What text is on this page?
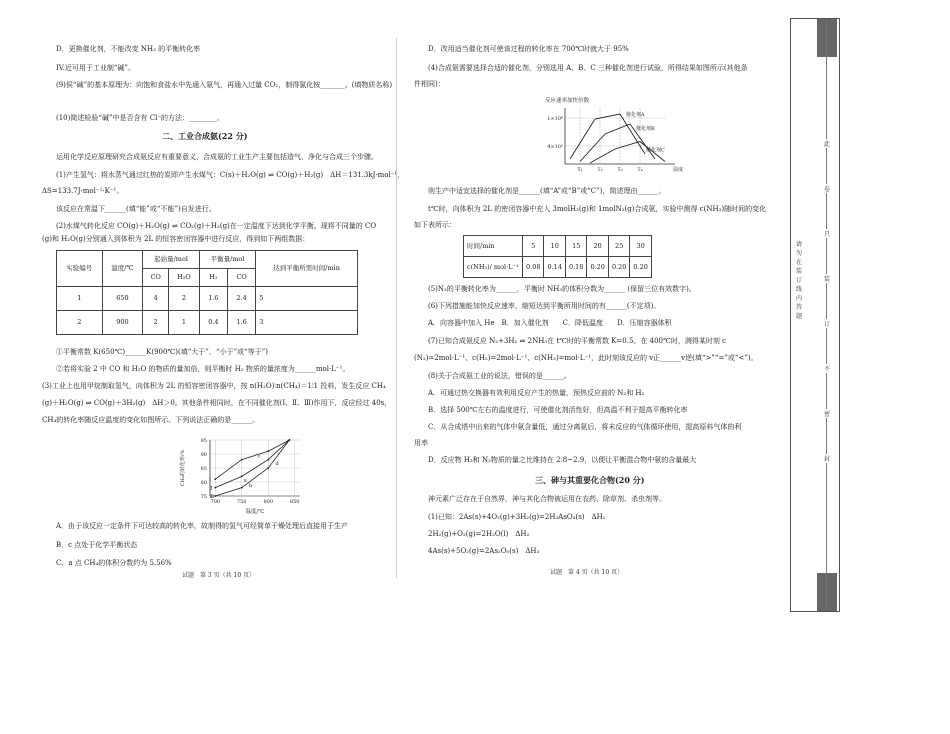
D．更换催化剂，不能改变 NH₃ 的平衡转化率
IV.近可用于工业制“碱”。
(9)侯“碱”的基本原理为：向饱和食盐水中先通入氨气，再通入过量 CO₂，制得氯化铵_______。(填物质名称)
(10)简述检验“碱”中是否含有 Cl⁻的方法：________。
二、工业合成氨(22 分)
运用化学反应原理研究合成氨反应有重要意义，合成氨的工业生产主要包括造气、净化与合成三个步骤。
(1)产生氢气：将水蒸气通过红热的炭即产生水煤气：C(s)＋H₂O(g) ⇌ CO(g)＋H₂(g)　ΔH＝131.3kJ·mol⁻¹，
ΔS=133.7J·mol⁻¹·K⁻¹。
该反应在常温下______(填“能”或“不能”)自发进行。
(2)水煤气转化反应 CO(g)＋H₂O(g) ⇌ CO₂(g)＋H₂(g)在一定温度下达到化学平衡。现将不同量的 CO
(g)和 H₂O(g)分别通入到体积为 2L 的恒容密闭容器中进行反应，得到如下两组数据：
实验编号	温度/℃	起始量/mol		平衡量/mol		达到平衡所需时间/min
		CO	H₂O	H₂	CO	
1	650	4	2	1.6	2.4	5
2	900	2	1	0.4	1.6	3
①平衡常数 K(650℃)______K(900℃)(填“大于”、“小于”或“等于”)
②若将实验 2 中 CO 和 H₂O 的物质的量加倍，则平衡时 H₂ 物质的量浓度为______mol·L⁻¹。
(3)工业上也用甲烷制取氢气，向体积为 2L 的恒容密闭容器中，按 n(H₂O)∶n(CH₄)＝1∶1 投料，发生反应 CH₄
(g)＋H₂O(g) ⇌ CO(g)＋3H₂(g)　ΔH＞0。其他条件相同时，在不同催化剂(Ⅰ、Ⅱ、Ⅲ)作用下，反应经过 40s，
CH₄的转化率随反应温度的变化如图所示。下列说法正确的是______。
75
80
85
90
95
700	750	800	850
温度/℃
CH₄的转化率/%	Ⅰ
Ⅱ
Ⅲ
a
b
c
d
A．由于该反应一定条件下可达较高的转化率，故制得的氢气可经简单干燥处理后直接用于生产
B．c 点处于化学平衡状态
C．a 点 CH₄的体积分数约为 5.56%
试题　第 3 页（共 10 页）
D．改用适当催化剂可使该过程的转化率在 700℃时就大于 95%
(4)合成氨需要选择合适的催化剂，分别选用 A、B、C 三种催化剂进行试验，所得结果如图所示(其他条
件相同)：
反应速率加快倍数
温度
1×10⁸
4×10⁵
T₁	T₂	T₃	T₄
催化剂A
催化剂B
催化剂C
则生产中适宜选择的催化剂是______(填“A”或“B”或“C”)，简述理由______。
t℃时，向体积为 2L 的密闭容器中充入 3molH₂(g)和 1molN₂(g)合成氨，实验中测得 c(NH₃)随时间的变化
如下表所示：
时间/min	5	10	15	20	25	30
c(NH₃)/ mol·L⁻¹	0.08	0.14	0.18	0.20	0.20	0.20
(5)N₂的平衡转化率为______，平衡时 NH₃的体积分数为______ (保留三位有效数字)。
(6)下列措施能加快反应速率，缩短达到平衡所用时间的有______(不定项)。
A．向容器中加入 He　B．加入催化剂　　C．降低温度　　D．压缩容器体积
(7)已知合成氨反应 N₂+3H₂ ⇌ 2NH₃在 t℃时的平衡常数 K=0.5。在 400℃时，测得某时刻 c
(N₂)=2mol·L⁻¹、c(H₂)=2mol·L⁻¹、c(NH₃)=mol·L⁻¹，此时刻该反应的 v正______v逆(填“>”“=”或“<”)。
(8)关于合成氨工业的说法，错误的是______。
A．可通过热交换器有效利用反应产生的热量，预热反应前的 N₂和 H₂
B．选择 500℃左右的温度进行，可使催化剂活性好，但高温不利于提高平衡转化率
C．从合成塔中出来的气体中氨含量低，通过分离氨后，将未反应的气体循环使用，提高原料气体的利
用率
D．反应物 H₂和 N₂物质的量之比维持在 2.8~2.9，以便让平衡混合物中氨的含量最大
三、砷与其重要化合物(20 分)
神元素广泛存在于自然界，神与其化合物被运用在农药、除草剂、杀虫剂等。
(1)已知：2As(s)+4O₂(g)+3H₂(g)=2H₃AsO₄(s)　ΔH₁
2H₂(g)+O₂(g)=2H₂O(l)　ΔH₂
4As(s)+5O₂(g)=2As₂O₅(s)　ΔH₃
试题　第 4 页（共 10 页）
请勿在装订线内答题
此
卷
只
装
订
不
密
封
